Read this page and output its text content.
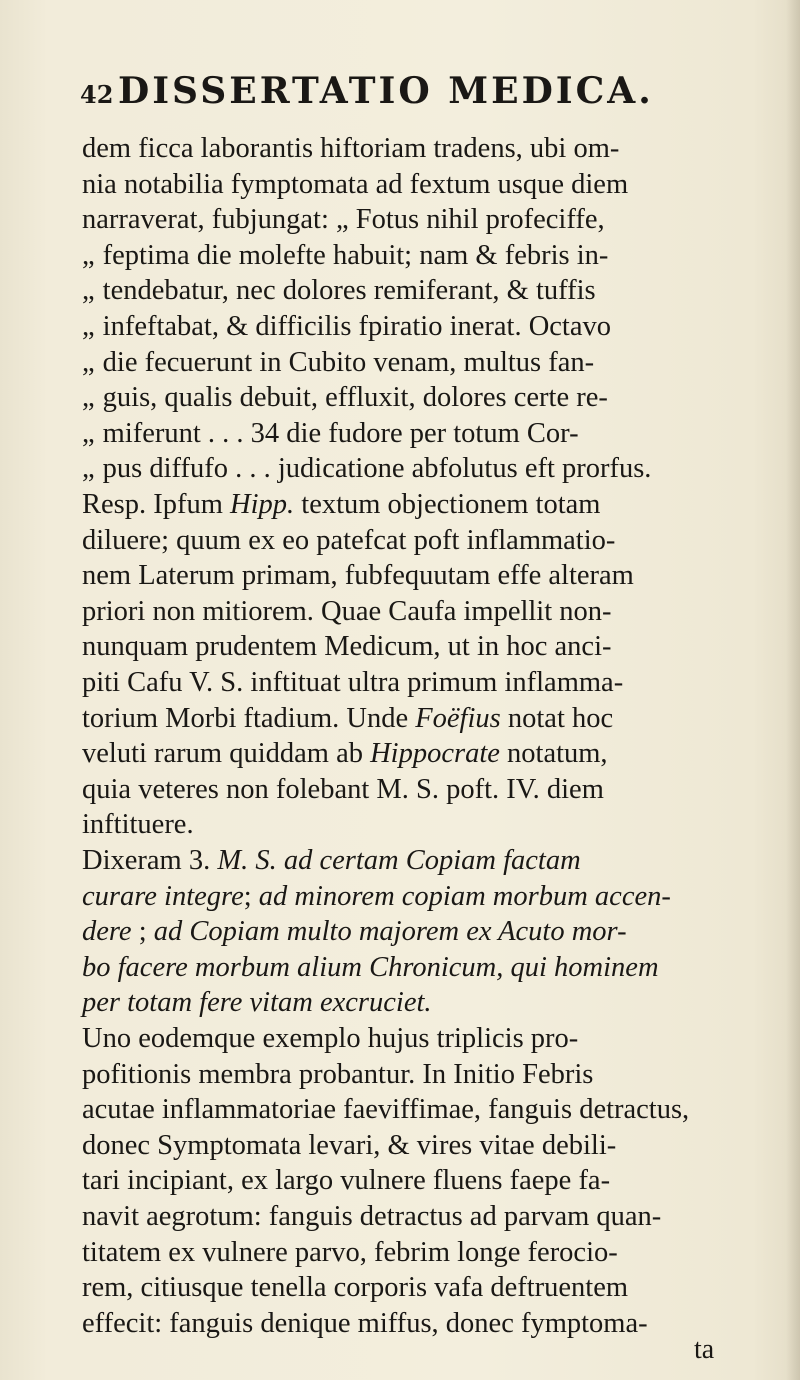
42 DISSERTATIO MEDICA.
dem ficca laborantis hiftoriam tradens, ubi om-
nia notabilia fymptomata ad fextum usque diem
narraverat, fubjungat: „ Fotus nihil profeciffe,
„ feptima die molefte habuit; nam & febris in-
„ tendebatur, nec dolores remiferant, & tuffis
„ infeftabat, & difficilis fpiratio inerat. Octavo
„ die fecuerunt in Cubito venam, multus fan-
„ guis, qualis debuit, effluxit, dolores certe re-
„ miferunt . . . 34 die fudore per totum Cor-
„ pus diffufo . . . judicatione abfolutus eft prorfus.
Resp. Ipfum Hipp. textum objectionem totam
diluere; quum ex eo patefcat poft inflammatio-
nem Laterum primam, fubfequutam effe alteram
priori non mitiorem. Quae Caufa impellit non-
nunquam prudentem Medicum, ut in hoc anci-
piti Cafu V. S. inftituat ultra primum inflamma-
torium Morbi ftadium. Unde Foëfius notat hoc
veluti rarum quiddam ab Hippocrate notatum,
quia veteres non folebant M. S. poft. IV. diem
inftituere.
Dixeram 3. M. S. ad certam Copiam factam
curare integre; ad minorem copiam morbum accen-
dere ; ad Copiam multo majorem ex Acuto mor-
bo facere morbum alium Chronicum, qui hominem
per totam fere vitam excruciet.
Uno eodemque exemplo hujus triplicis pro-
pofitionis membra probantur. In Initio Febris
acutae inflammatoriae faeviffimae, fanguis detractus,
donec Symptomata levari, & vires vitae debili-
tari incipiant, ex largo vulnere fluens faepe fa-
navit aegrotum: fanguis detractus ad parvam quan-
titatem ex vulnere parvo, febrim longe ferocio-
rem, citiusque tenella corporis vafa deftruentem
effecit: fanguis denique miffus, donec fymptoma-
ta
